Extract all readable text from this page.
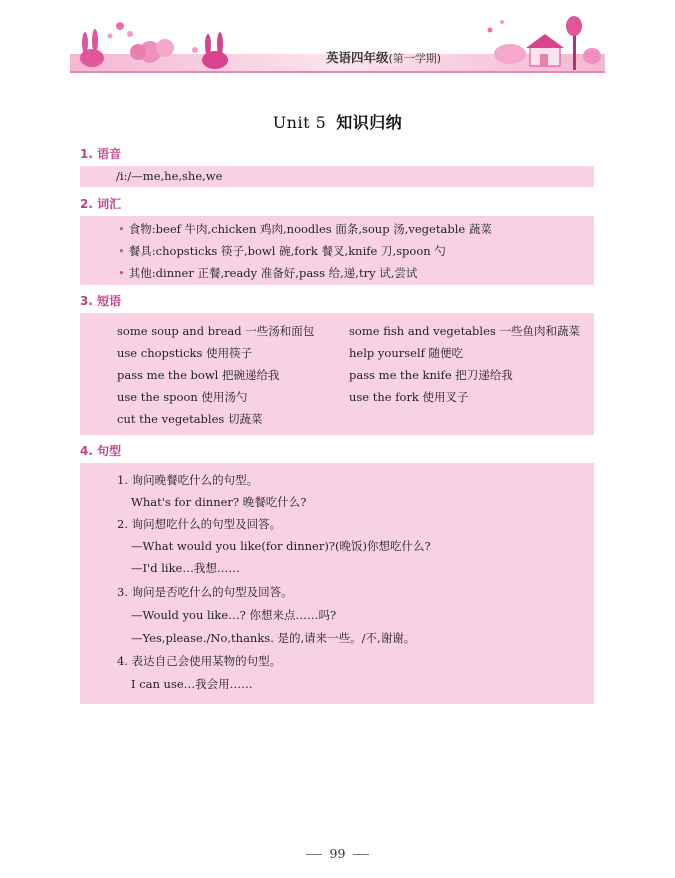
英语四年级(第一学期)
Unit 5 知识归纳
1. 语音
/i:/—me,he,she,we
2. 词汇
• 食物:beef 牛肉,chicken 鸡肉,noodles 面条,soup 汤,vegetable 蔬菜
• 餐具:chopsticks 筷子,bowl 碗,fork 餐叉,knife 刀,spoon 勺
• 其他:dinner 正餐,ready 准备好,pass 给,递,try 试,尝试
3. 短语
some soup and bread 一些汤和面包
use chopsticks 使用筷子
pass me the bowl 把碗递给我
use the spoon 使用汤勺
cut the vegetables 切蔬菜
some fish and vegetables 一些鱼肉和蔬菜
help yourself 随便吃
pass me the knife 把刀递给我
use the fork 使用叉子
4. 句型
1. 询问晚餐吃什么的句型。
What's for dinner? 晚餐吃什么?
2. 询问想吃什么的句型及回答。
—What would you like(for dinner)?(晚饭)你想吃什么?
—I'd like…我想……
3. 询问是否吃什么的句型及回答。
—Would you like…? 你想来点……吗?
—Yes,please./No,thanks. 是的,请来一些。/不,谢谢。
4. 表达自己会使用某物的句型。
I can use…我会用……
99
